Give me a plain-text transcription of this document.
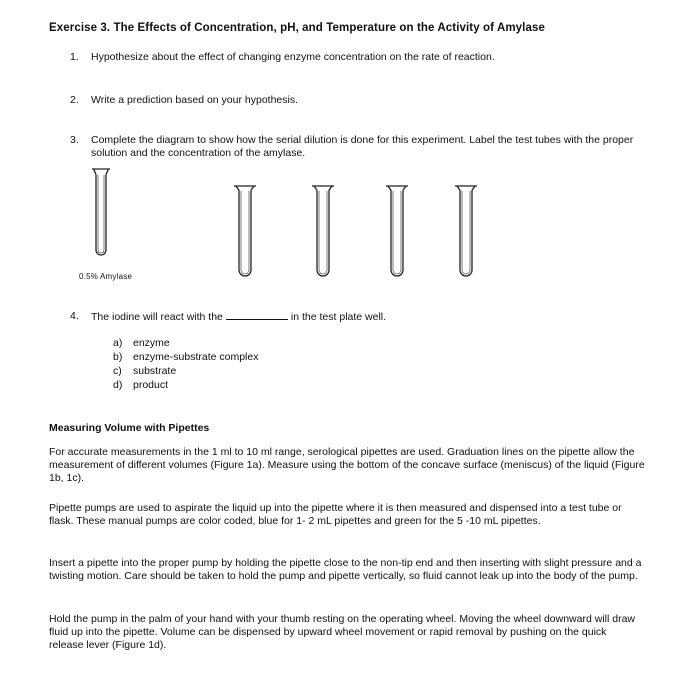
Exercise 3. The Effects of Concentration, pH, and Temperature on the Activity of Amylase
1. Hypothesize about the effect of changing enzyme concentration on the rate of reaction.
2. Write a prediction based on your hypothesis.
3. Complete the diagram to show how the serial dilution is done for this experiment. Label the test tubes with the proper solution and the concentration of the amylase.
0.5% Amylase
4. The iodine will react with the	in the test plate well.
a) enzyme
b) enzyme-substrate complex
c) substrate
d) product
Measuring Volume with Pipettes
For accurate measurements in the 1 ml to 10 ml range, serological pipettes are used. Graduation lines on the pipette allow the measurement of different volumes (Figure 1a). Measure using the bottom of the concave surface (meniscus) of the liquid (Figure 1b, 1c).
Pipette pumps are used to aspirate the liquid up into the pipette where it is then measured and dispensed into a test tube or flask. These manual pumps are color coded, blue for 1- 2 mL pipettes and green for the 5 -10 mL pipettes.
Insert a pipette into the proper pump by holding the pipette close to the non-tip end and then inserting with slight pressure and a twisting motion. Care should be taken to hold the pump and pipette vertically, so fluid cannot leak up into the body of the pump.
Hold the pump in the palm of your hand with your thumb resting on the operating wheel. Moving the wheel downward will draw fluid up into the pipette. Volume can be dispensed by upward wheel movement or rapid removal by pushing on the quick release lever (Figure 1d).
